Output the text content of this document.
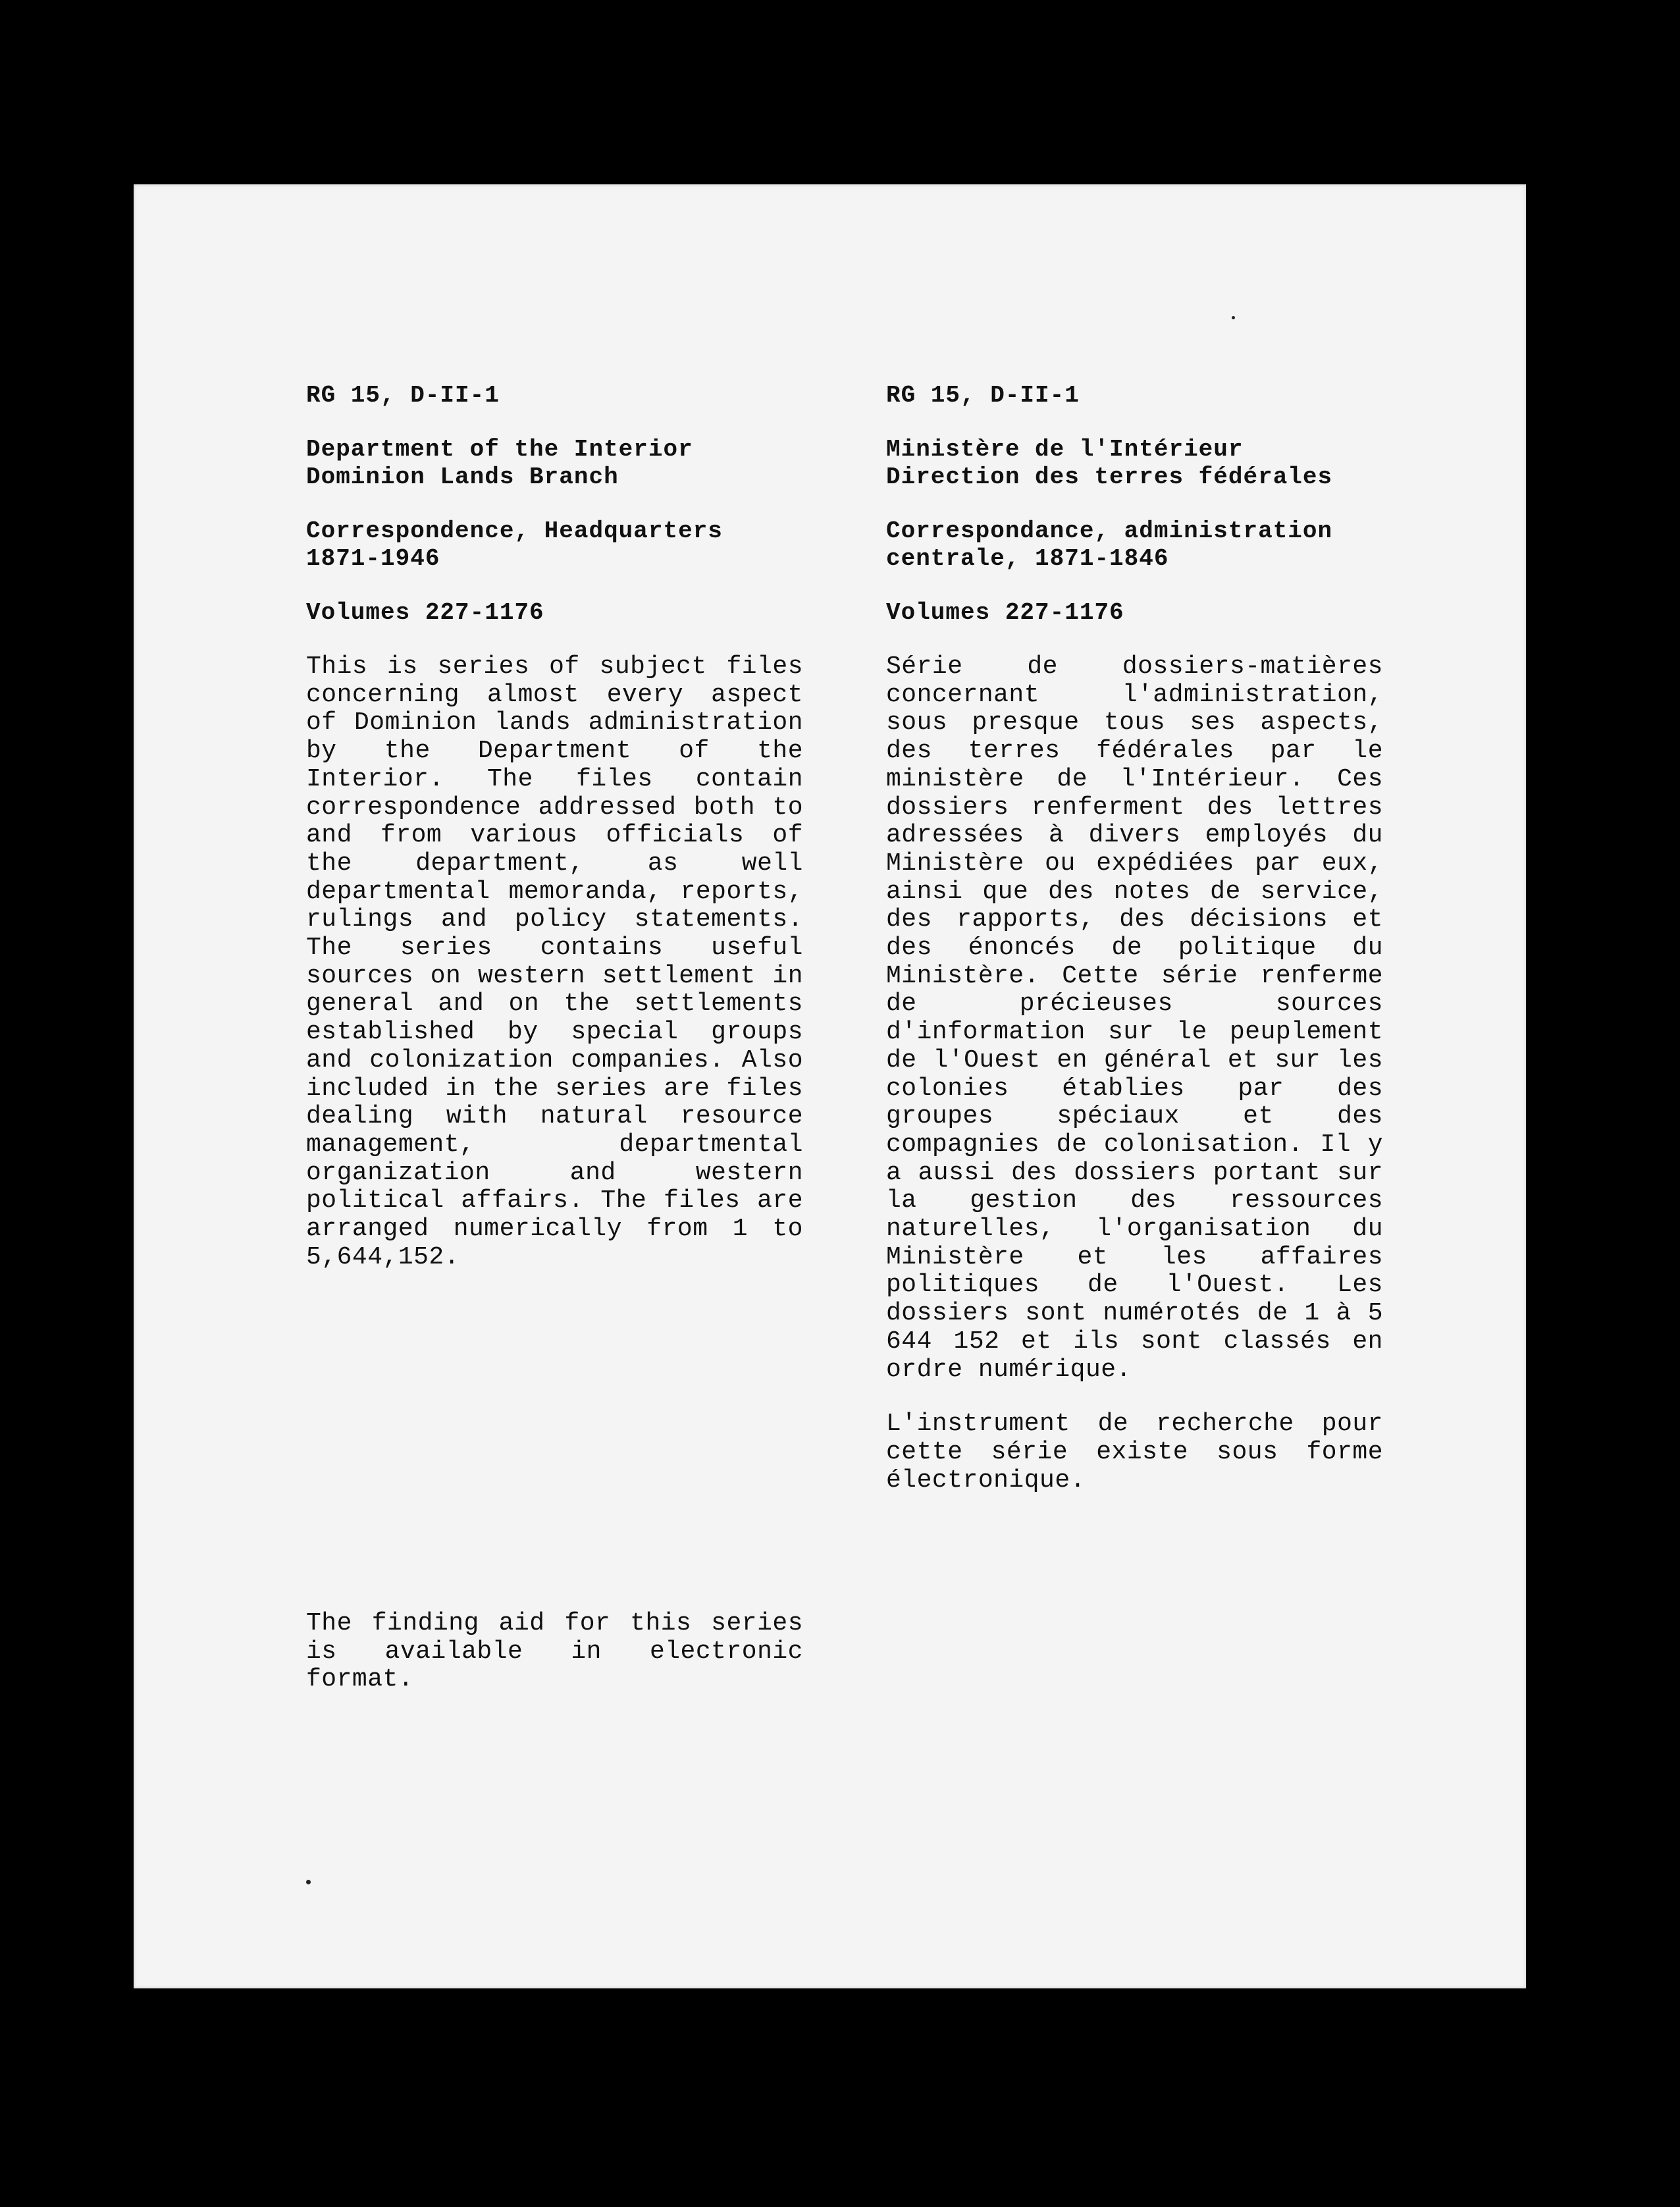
RG 15, D-II-1
Department of the Interior
Dominion Lands Branch
Correspondence, Headquarters
1871-1946
Volumes 227-1176
This is series of subject files concerning almost every aspect of Dominion lands administration by the Department of the Interior. The files contain correspondence addressed both to and from various officials of the department, as well departmental memoranda, reports, rulings and policy statements. The series contains useful sources on western settlement in general and on the settlements established by special groups and colonization companies. Also included in the series are files dealing with natural resource management, departmental organization and western political affairs. The files are arranged numerically from 1 to 5,644,152.
The finding aid for this series is available in electronic format.
RG 15, D-II-1
Ministère de l'Intérieur
Direction des terres fédérales
Correspondance, administration
centrale, 1871-1846
Volumes 227-1176
Série de dossiers-matières concernant l'administration, sous presque tous ses aspects, des terres fédérales par le ministère de l'Intérieur. Ces dossiers renferment des lettres adressées à divers employés du Ministère ou expédiées par eux, ainsi que des notes de service, des rapports, des décisions et des énoncés de politique du Ministère. Cette série renferme de précieuses sources d'information sur le peuplement de l'Ouest en général et sur les colonies établies par des groupes spéciaux et des compagnies de colonisation. Il y a aussi des dossiers portant sur la gestion des ressources naturelles, l'organisation du Ministère et les affaires politiques de l'Ouest. Les dossiers sont numérotés de 1 à 5 644 152 et ils sont classés en ordre numérique.
L'instrument de recherche pour cette série existe sous forme électronique.
